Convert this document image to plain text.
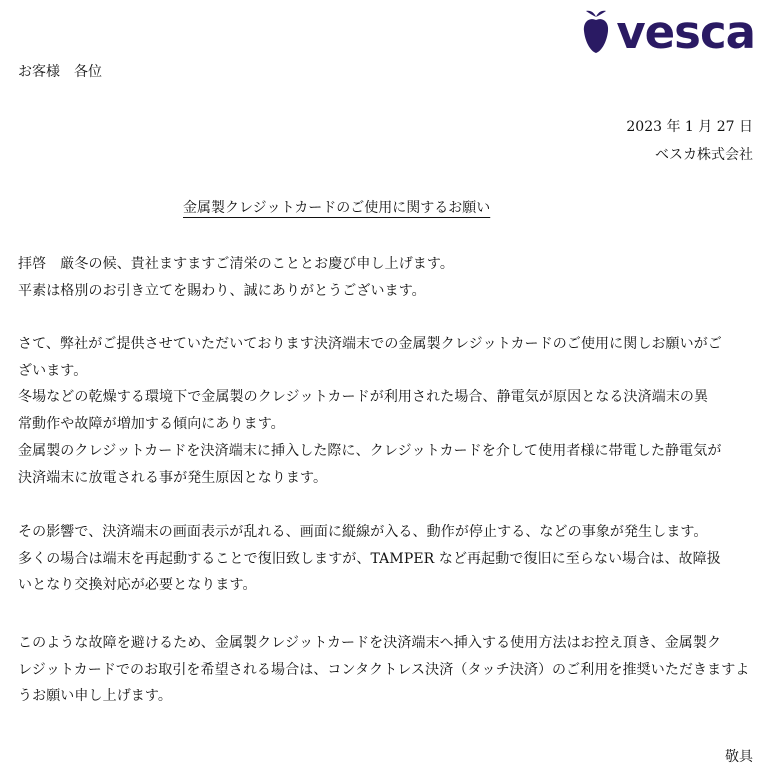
vesca
お客様　各位
2023 年 1 月 27 日
ベスカ株式会社
金属製クレジットカードのご使用に関するお願い

拝啓　厳冬の候、貴社ますますご清栄のこととお慶び申し上げます。
平素は格別のお引き立てを賜わり、誠にありがとうございます。

さて、弊社がご提供させていただいております決済端末での金属製クレジットカードのご使用に関しお願いがご
ざいます。
冬場などの乾燥する環境下で金属製のクレジットカードが利用された場合、静電気が原因となる決済端末の異
常動作や故障が増加する傾向にあります。
金属製のクレジットカードを決済端末に挿入した際に、クレジットカードを介して使用者様に帯電した静電気が
決済端末に放電される事が発生原因となります。

その影響で、決済端末の画面表示が乱れる、画面に縦線が入る、動作が停止する、などの事象が発生します。
多くの場合は端末を再起動することで復旧致しますが、TAMPER など再起動で復旧に至らない場合は、故障扱
いとなり交換対応が必要となります。

このような故障を避けるため、金属製クレジットカードを決済端末へ挿入する使用方法はお控え頂き、金属製ク
レジットカードでのお取引を希望される場合は、コンタクトレス決済（タッチ決済）のご利用を推奨いただきますよ
うお願い申し上げます。

敬具
